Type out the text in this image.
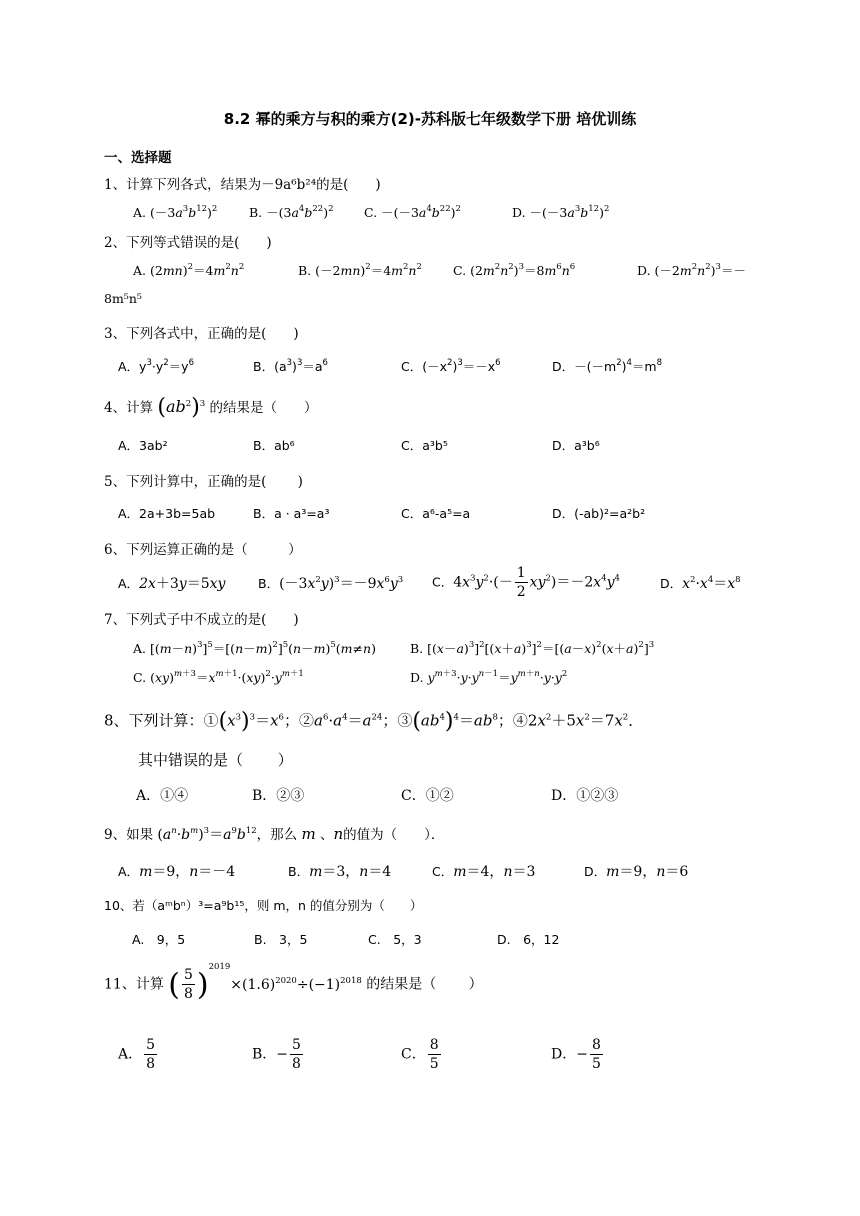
8.2 幂的乘方与积的乘方(2)-苏科版七年级数学下册 培优训练
一、选择题
1、计算下列各式，结果为－9a⁶b²⁴的是(　　)
A. $(-3a^3b^{12})^2$	B. $-(3a^4b^{22})^2$ C. $-(-3a^4b^{22})^2$	D. $-(-3a^3b^{12})^2$
2、下列等式错误的是(　　)
A. $(2mn)^2=4m^2n^2$	B. $(-2mn)^2=4m^2n^2$ C. $(2m^2n^2)^3=8m^6n^6$	D. $(-2m^2n^2)^3=-$
8m⁵n⁵
3、下列各式中，正确的是(　　)
A．$y^3\cdot y^2=y^6$	B．$(a^3)^3=a^6$	C．$(-x^2)^3=-x^6$	D．$-(-m^2)^4=m^8$
4、计算 $(ab^2)^3$ 的结果是（　　）
A．3ab²	B．ab⁶	C．a³b⁵	D．a³b⁶
5、下列计算中，正确的是(　　 )
A．2a+3b=5ab	B．a · a³=a³	C．a⁶-a⁵=a	D．(-ab)²=a²b²
6、下列运算正确的是（　　　）
A．2x＋3y＝5xy	B．$(-3x^2y)^3=-9x^6y^3$ C．$4x^3y^2\cdot(- \frac{1}{2} xy^2)=-2x^4y^4$	D．$x^2\cdot x^4=x^8$
7、下列式子中不成立的是(　　)
A. $[(m-n)^3]^5=[(n-m)^2]^5(n-m)^5(m\ne n)$	B. $[(x-a)^3]^2[(x+a)^3]^2=[(a-x)^2(x+a)^2]^3$
C. $(xy)^{m+3}=x^{m+1}\cdot(xy)^2\cdot y^{m+1}$	D. $y^{m+3}\cdot y\cdot y^{n-1}=y^{m+n}\cdot y\cdot y^2$
8、下列计算：$①(x^3)^3=x^6$；$②a^6\cdot a^4=a^{24}$；$③(ab^4)^4=ab^8$；$④2x^2+5x^2=7x^2$．
其中错误的是（　　 ）
A．①④	B．②③	C．①②	D．①②③
9、如果 $(a^n\cdot b^m)^3=a^9b^{12}$，那么 m 、n的值为（　　）．
A．m＝9，n＝－4	B．m＝3，n＝4	C．m＝4，n＝3	D．m＝9，n＝6
10、若（aᵐbⁿ）³=a⁹b¹⁵，则 m，n 的值分别为（　　）
A.　9，5	B.　3，5	C.　5，3	D.　6，12
11、计算 ( $\frac{5}{8} )^{2019}\times(1.6)^{2020}\div(-1)^{2018}$ 的结果是（　　 ）
A． $\frac{5}{8}$	B．− $\frac{5}{8}$	C． $\frac{8}{5}$	D．− $\frac{8}{5}$
